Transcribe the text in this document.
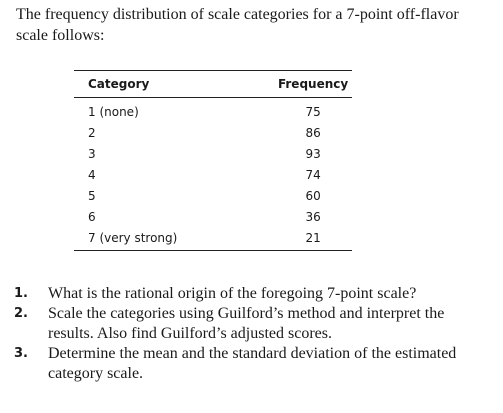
The frequency distribution of scale categories for a 7-point off-flavor scale follows:

Category	Frequency
1 (none)	75
2	86
3	93
4	74
5	60
6	36
7 (very strong)	21
1.	What is the rational origin of the foregoing 7-point scale?
2.	Scale the categories using Guilford’s method and interpret the results. Also find Guilford’s adjusted scores.
3.	Determine the mean and the standard deviation of the estimated category scale.
